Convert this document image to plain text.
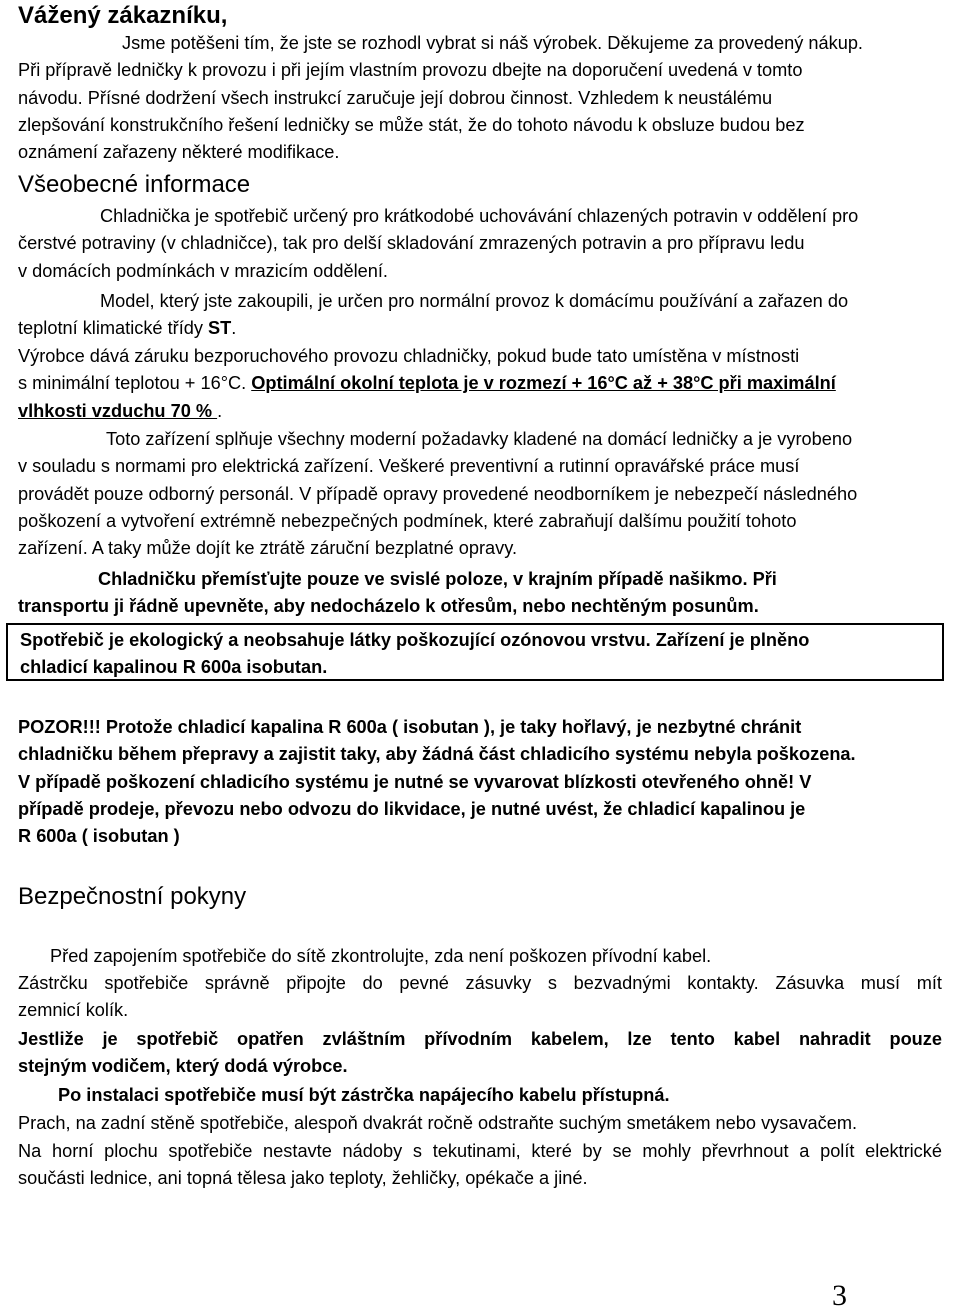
Vážený zákazníku,
Jsme potěšeni tím, že jste se rozhodl vybrat si náš výrobek. Děkujeme za provedený nákup.
Při přípravě ledničky k provozu i při jejím vlastním provozu dbejte na doporučení uvedená v tomto
návodu. Přísné dodržení všech instrukcí zaručuje její dobrou činnost. Vzhledem k neustálému
zlepšování konstrukčního řešení ledničky se může stát, že do tohoto návodu k obsluze budou bez
oznámení zařazeny některé modifikace.
Všeobecné informace
Chladnička je spotřebič určený pro krátkodobé uchovávání chlazených potravin v oddělení pro
čerstvé potraviny (v chladničce), tak pro delší skladování zmrazených potravin a pro přípravu ledu
v domácích podmínkách v mrazicím oddělení.
Model, který jste zakoupili, je určen pro normální provoz k domácímu používání a zařazen do
teplotní klimatické třídy ST.
Výrobce dává záruku bezporuchového provozu chladničky, pokud bude tato umístěna v místnosti
s minimální teplotou + 16°C. Optimální okolní teplota je v rozmezí + 16°C až + 38°C při maximální
vlhkosti vzduchu 70 % .
Toto zařízení splňuje všechny moderní požadavky kladené na domácí ledničky a je vyrobeno
v souladu s normami pro elektrická zařízení. Veškeré preventivní a rutinní opravářské práce musí
provádět pouze odborný personál. V případě opravy provedené neodborníkem je nebezpečí následného
poškození a vytvoření extrémně nebezpečných podmínek, které zabraňují dalšímu použití tohoto
zařízení. A taky může dojít ke ztrátě záruční bezplatné opravy.
Chladničku přemísťujte pouze ve svislé poloze, v krajním případě našikmo. Při
transportu ji řádně upevněte, aby nedocházelo k otřesům, nebo nechtěným posunům.
Spotřebič je ekologický a neobsahuje látky poškozující ozónovou vrstvu. Zařízení je plněno
chladicí kapalinou R 600a isobutan.
POZOR!!! Protože chladicí kapalina R 600a ( isobutan ), je taky hořlavý, je nezbytné chránit
chladničku během přepravy a zajistit taky, aby žádná část chladicího systému nebyla poškozena.
V případě poškození chladicího systému je nutné se vyvarovat blízkosti otevřeného ohně! V
případě prodeje, převozu nebo odvozu do likvidace, je nutné uvést, že chladicí kapalinou je
R 600a ( isobutan )
Bezpečnostní pokyny
Před zapojením spotřebiče do sítě zkontrolujte, zda není poškozen přívodní kabel.
Zástrčku spotřebiče správně připojte do pevné zásuvky s bezvadnými kontakty. Zásuvka musí mít
zemnicí kolík.
Jestliže je spotřebič opatřen zvláštním přívodním kabelem, lze tento kabel nahradit pouze
stejným vodičem, který dodá výrobce.
Po instalaci spotřebiče musí být zástrčka napájecího kabelu přístupná.
Prach, na zadní stěně spotřebiče, alespoň dvakrát ročně odstraňte suchým smetákem nebo vysavačem.
Na horní plochu spotřebiče nestavte nádoby s tekutinami, které by se mohly převrhnout a polít elektrické
součásti lednice, ani topná tělesa jako teploty, žehličky, opékače a jiné.
3
